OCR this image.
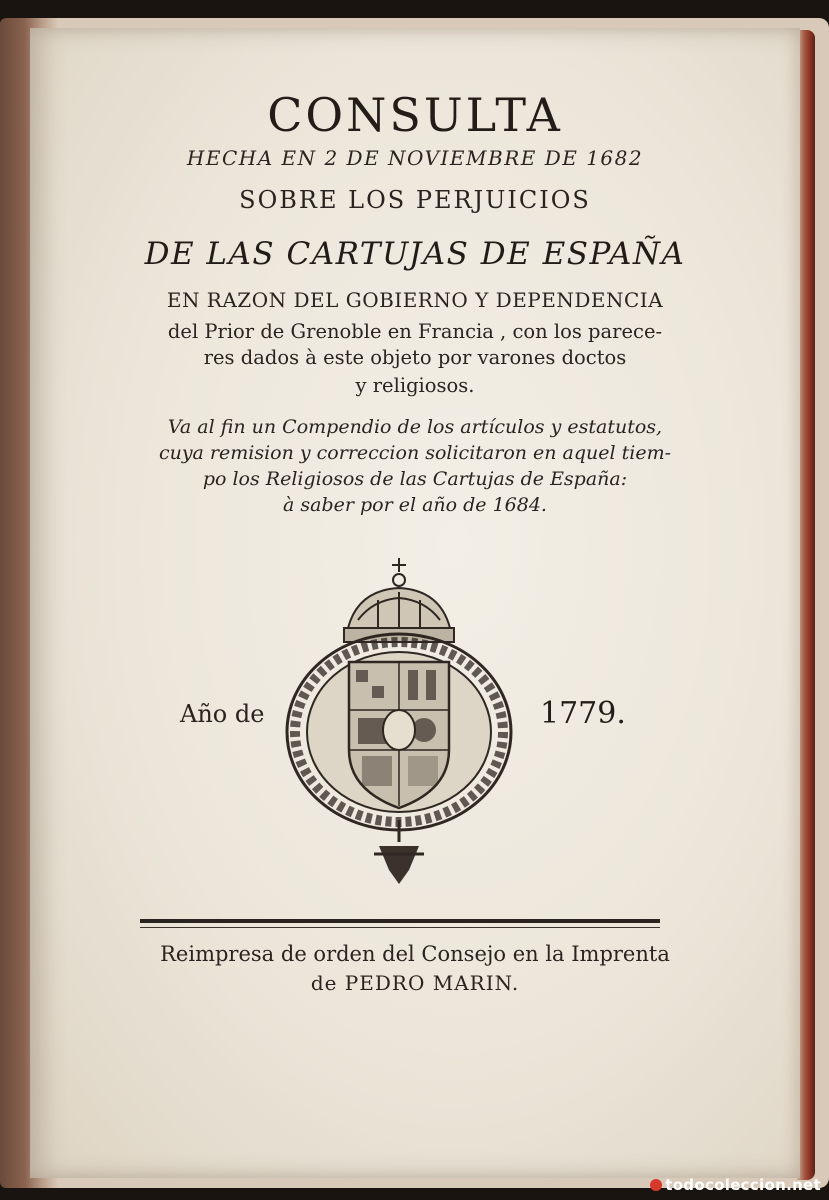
CONSULTA
HECHA EN 2 DE NOVIEMBRE DE 1682
SOBRE LOS PERJUICIOS
DE LAS CARTUJAS DE ESPAÑA
EN RAZON DEL GOBIERNO Y DEPENDENCIA
del Prior de Grenoble en Francia , con los parece-
res dados à este objeto por varones doctos
y religiosos.
Va al fin un Compendio de los artículos y estatutos,
cuya remision y correccion solicitaron en aquel tiem-
po los Religiosos de las Cartujas de España:
à saber por el año de 1684.
Año de	1779.
Reimpresa de orden del Consejo en la Imprenta
de PEDRO MARIN.
todocoleccion.net
